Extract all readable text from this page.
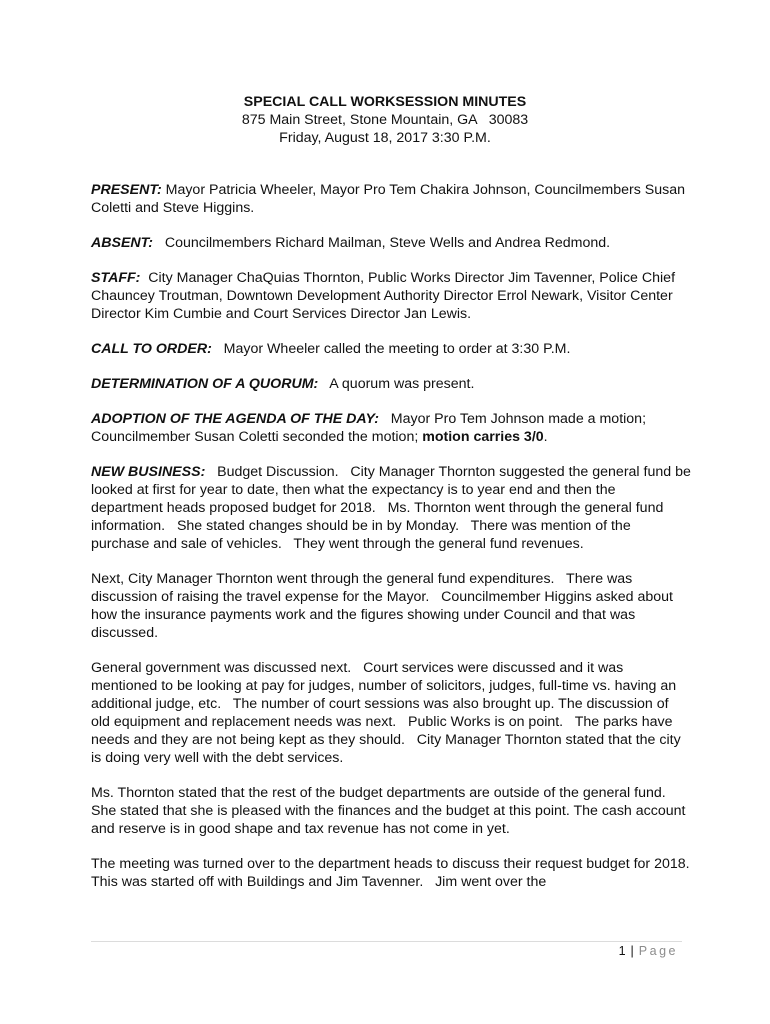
SPECIAL CALL WORKSESSION MINUTES
875 Main Street, Stone Mountain, GA   30083
Friday, August 18, 2017 3:30 P.M.

PRESENT: Mayor Patricia Wheeler, Mayor Pro Tem Chakira Johnson, Councilmembers Susan Coletti and Steve Higgins.

ABSENT:   Councilmembers Richard Mailman, Steve Wells and Andrea Redmond.

STAFF:  City Manager ChaQuias Thornton, Public Works Director Jim Tavenner, Police Chief Chauncey Troutman, Downtown Development Authority Director Errol Newark, Visitor Center Director Kim Cumbie and Court Services Director Jan Lewis.

CALL TO ORDER:   Mayor Wheeler called the meeting to order at 3:30 P.M.

DETERMINATION OF A QUORUM:   A quorum was present.

ADOPTION OF THE AGENDA OF THE DAY:   Mayor Pro Tem Johnson made a motion; Councilmember Susan Coletti seconded the motion; motion carries 3/0.

NEW BUSINESS:   Budget Discussion.   City Manager Thornton suggested the general fund be looked at first for year to date, then what the expectancy is to year end and then the department heads proposed budget for 2018.   Ms. Thornton went through the general fund information.   She stated changes should be in by Monday.   There was mention of the purchase and sale of vehicles.   They went through the general fund revenues.

Next, City Manager Thornton went through the general fund expenditures.   There was discussion of raising the travel expense for the Mayor.   Councilmember Higgins asked about how the insurance payments work and the figures showing under Council and that was discussed.

General government was discussed next.   Court services were discussed and it was mentioned to be looking at pay for judges, number of solicitors, judges, full-time vs. having an additional judge, etc.   The number of court sessions was also brought up. The discussion of old equipment and replacement needs was next.   Public Works is on point.   The parks have needs and they are not being kept as they should.   City Manager Thornton stated that the city is doing very well with the debt services.

Ms. Thornton stated that the rest of the budget departments are outside of the general fund.   She stated that she is pleased with the finances and the budget at this point. The cash account and reserve is in good shape and tax revenue has not come in yet.

The meeting was turned over to the department heads to discuss their request budget for 2018.   This was started off with Buildings and Jim Tavenner.   Jim went over the

1 | Page
